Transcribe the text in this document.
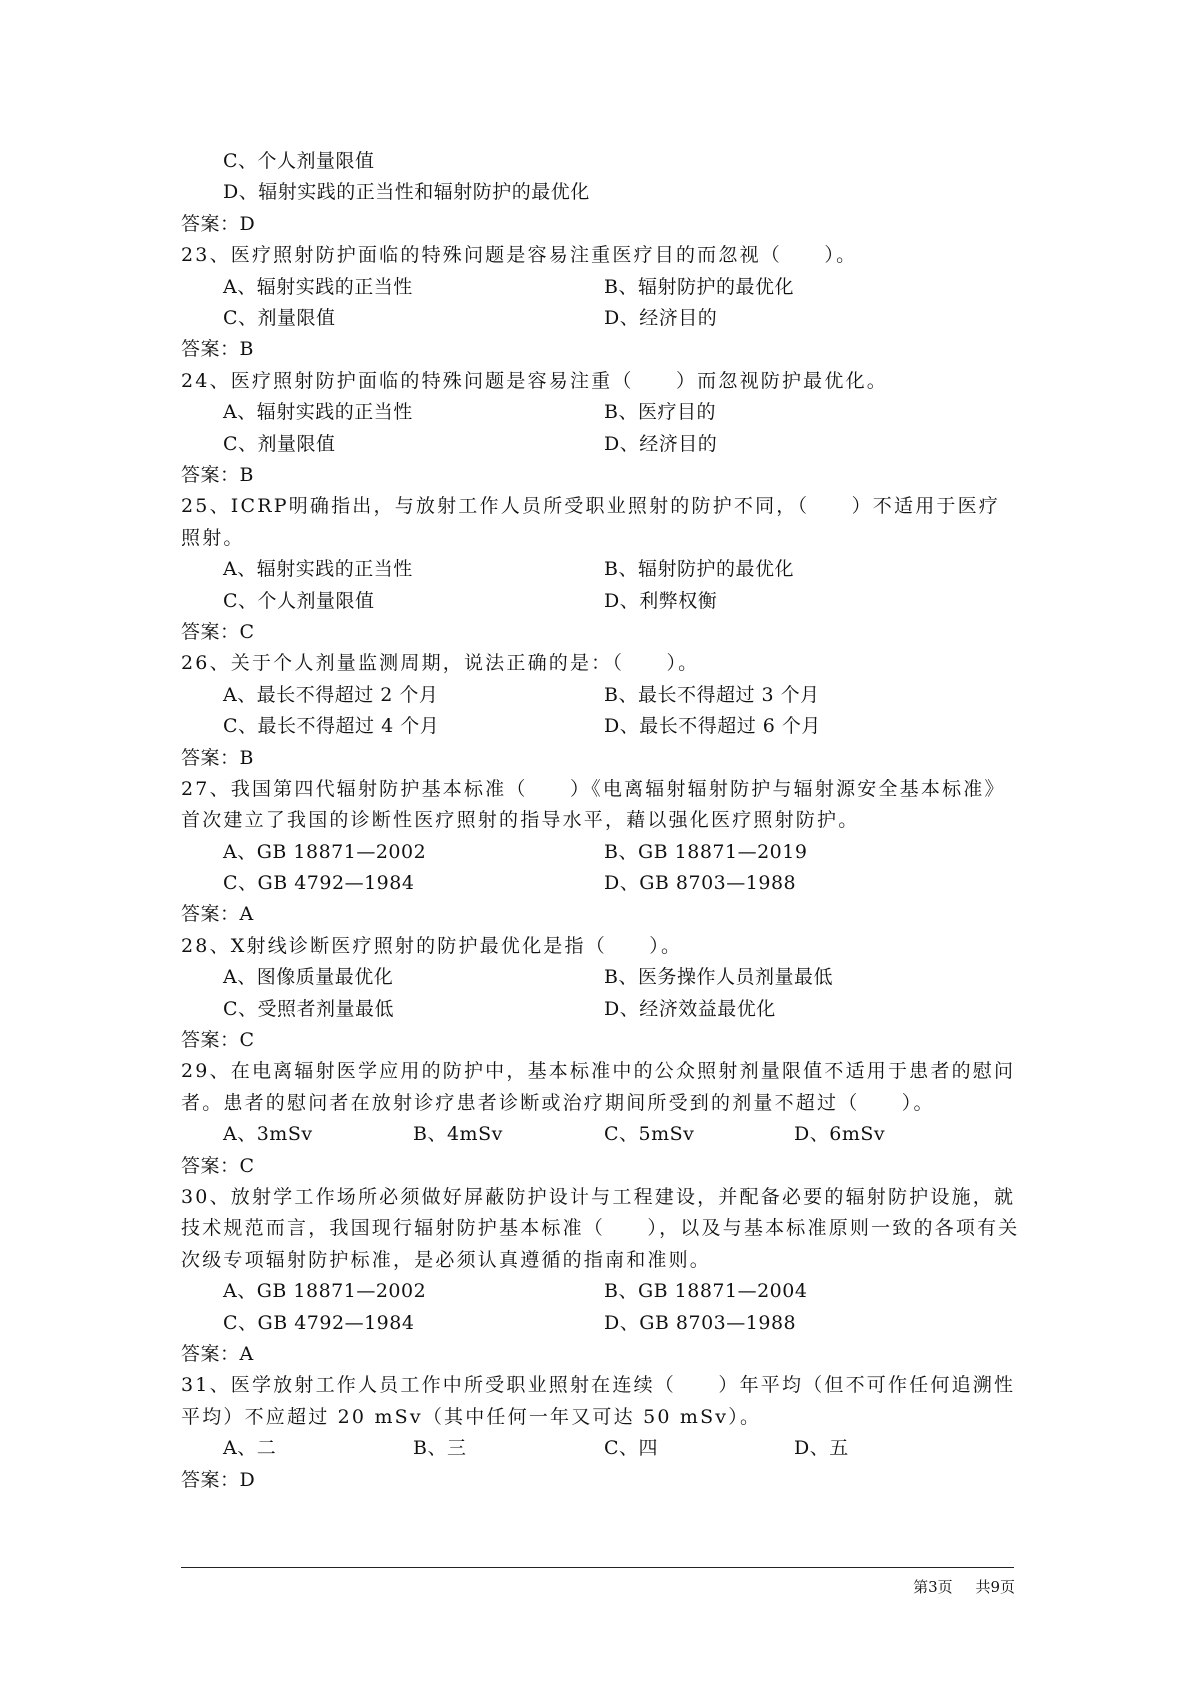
C、个人剂量限值
D、辐射实践的正当性和辐射防护的最优化
答案：D
23、医疗照射防护面临的特殊问题是容易注重医疗目的而忽视（　　）。
A、辐射实践的正当性	B、辐射防护的最优化
C、剂量限值	D、经济目的
答案：B
24、医疗照射防护面临的特殊问题是容易注重（　　）而忽视防护最优化。
A、辐射实践的正当性	B、医疗目的
C、剂量限值	D、经济目的
答案：B
25、ICRP明确指出，与放射工作人员所受职业照射的防护不同，（　　）不适用于医疗照射。
A、辐射实践的正当性	B、辐射防护的最优化
C、个人剂量限值	D、利弊权衡
答案：C
26、关于个人剂量监测周期，说法正确的是：（　　）。
A、最长不得超过 2 个月	B、最长不得超过 3 个月
C、最长不得超过 4 个月	D、最长不得超过 6 个月
答案：B
27、我国第四代辐射防护基本标准（　　）《电离辐射辐射防护与辐射源安全基本标准》首次建立了我国的诊断性医疗照射的指导水平，藉以强化医疗照射防护。
A、GB 18871—2002	B、GB 18871—2019
C、GB 4792—1984	D、GB 8703—1988
答案：A
28、X射线诊断医疗照射的防护最优化是指（　　）。
A、图像质量最优化	B、医务操作人员剂量最低
C、受照者剂量最低	D、经济效益最优化
答案：C
29、在电离辐射医学应用的防护中，基本标准中的公众照射剂量限值不适用于患者的慰问者。患者的慰问者在放射诊疗患者诊断或治疗期间所受到的剂量不超过（　　）。
A、3mSv	B、4mSv	C、5mSv	D、6mSv
答案：C
30、放射学工作场所必须做好屏蔽防护设计与工程建设，并配备必要的辐射防护设施，就技术规范而言，我国现行辐射防护基本标准（　　），以及与基本标准原则一致的各项有关次级专项辐射防护标准，是必须认真遵循的指南和准则。
A、GB 18871—2002	B、GB 18871—2004
C、GB 4792—1984	D、GB 8703—1988
答案：A
31、医学放射工作人员工作中所受职业照射在连续（　　）年平均（但不可作任何追溯性平均）不应超过 20 mSv（其中任何一年又可达 50 mSv）。
A、二	B、三	C、四	D、五
答案：D
第3页 共9页
